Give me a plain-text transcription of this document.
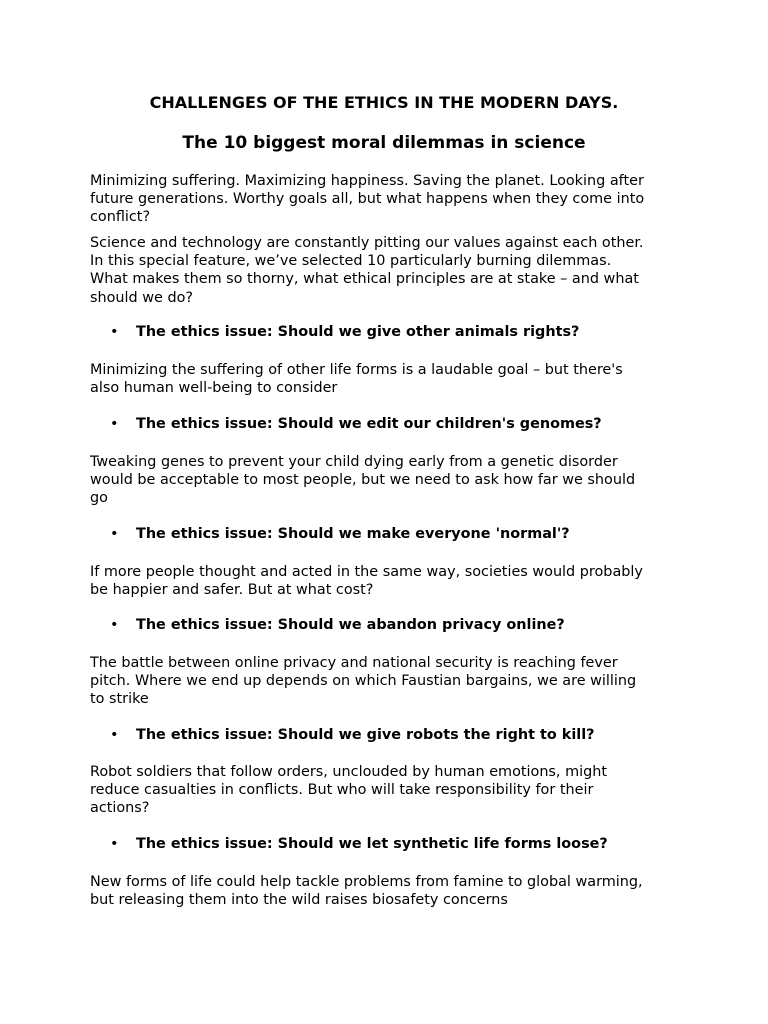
CHALLENGES OF THE ETHICS IN THE MODERN DAYS.
The 10 biggest moral dilemmas in science

Minimizing suffering. Maximizing happiness. Saving the planet. Looking after
future generations. Worthy goals all, but what happens when they come into
conflict?

Science and technology are constantly pitting our values against each other.
In this special feature, we’ve selected 10 particularly burning dilemmas.
What makes them so thorny, what ethical principles are at stake – and what
should we do?

• The ethics issue: Should we give other animals rights?

Minimizing the suffering of other life forms is a laudable goal – but there's
also human well-being to consider

• The ethics issue: Should we edit our children's genomes?

Tweaking genes to prevent your child dying early from a genetic disorder
would be acceptable to most people, but we need to ask how far we should
go

• The ethics issue: Should we make everyone 'normal'?

If more people thought and acted in the same way, societies would probably
be happier and safer. But at what cost?

• The ethics issue: Should we abandon privacy online?

The battle between online privacy and national security is reaching fever
pitch. Where we end up depends on which Faustian bargains, we are willing
to strike

• The ethics issue: Should we give robots the right to kill?

Robot soldiers that follow orders, unclouded by human emotions, might
reduce casualties in conflicts. But who will take responsibility for their
actions?

• The ethics issue: Should we let synthetic life forms loose?

New forms of life could help tackle problems from famine to global warming,
but releasing them into the wild raises biosafety concerns
